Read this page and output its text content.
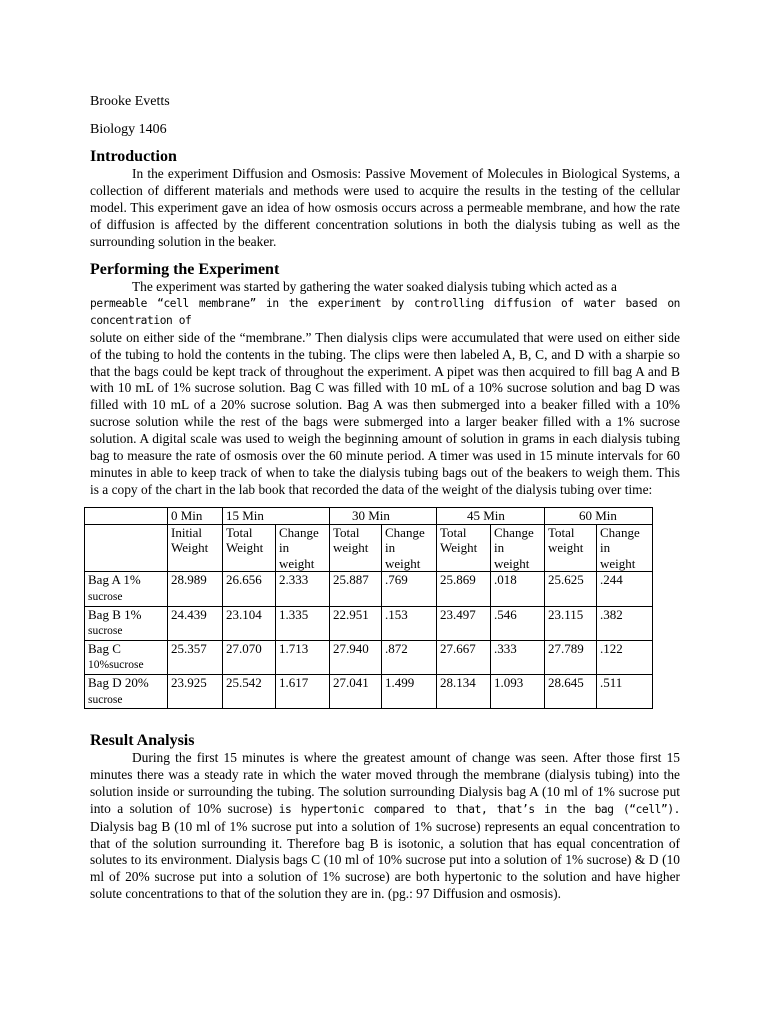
Brooke Evetts
Biology 1406
Introduction

In the experiment Diffusion and Osmosis: Passive Movement of Molecules in Biological Systems, a collection of different materials and methods were used to acquire the results in the testing of the cellular model. This experiment gave an idea of how osmosis occurs across a permeable membrane, and how the rate of diffusion is affected by the different concentration solutions in both the dialysis tubing as well as the surrounding solution in the beaker.

Performing the Experiment

The experiment was started by gathering the water soaked dialysis tubing which acted as a

permeable “cell membrane” in the experiment by controlling diffusion of water based on concentration of
solute on either side of the “membrane.” Then dialysis clips were accumulated that were used on either side of the tubing to hold the contents in the tubing. The clips were then labeled A, B, C, and D with a sharpie so that the bags could be kept track of throughout the experiment. A pipet was then acquired to fill bag A and B with 10 mL of 1% sucrose solution. Bag C was filled with 10 mL of a 10% sucrose solution and bag D was filled with 10 mL of a 20% sucrose solution. Bag A was then submerged into a beaker filled with a 10% sucrose solution while the rest of the bags were submerged into a larger beaker filled with a 1% sucrose solution. A digital scale was used to weigh the beginning amount of solution in grams in each dialysis tubing bag to measure the rate of osmosis over the 60 minute period. A timer was used in 15 minute intervals for 60 minutes in able to keep track of when to take the dialysis tubing bags out of the beakers to weigh them. This is a copy of the chart in the lab book that recorded the data of the weight of the dialysis tubing over time:
	0 Min	15 Min		30 Min		45 Min		60 Min	
	Initial
Weight	Total
Weight	Change
in
weight	Total
weight	Change
in
weight	Total
Weight	Change
in
weight	Total
weight	Change
in
weight
Bag A 1%
sucrose	28.989	26.656	2.333	25.887	.769	25.869	.018	25.625	.244
Bag B 1%
sucrose	24.439	23.104	1.335	22.951	.153	23.497	.546	23.115	.382
Bag C
10%sucrose	25.357	27.070	1.713	27.940	.872	27.667	.333	27.789	.122
Bag D 20%
sucrose	23.925	25.542	1.617	27.041	1.499	28.134	1.093	28.645	.511
Result Analysis

During the first 15 minutes is where the greatest amount of change was seen. After those first 15 minutes there was a steady rate in which the water moved through the membrane (dialysis tubing) into the solution inside or surrounding the tubing. The solution surrounding Dialysis bag A (10 ml of 1% sucrose put into a solution of 10% sucrose) is hypertonic compared to that, that’s in the bag (“cell”). Dialysis bag B (10 ml of 1% sucrose put into a solution of 1% sucrose) represents an equal concentration to that of the solution surrounding it. Therefore bag B is isotonic, a solution that has equal concentration of solutes to its environment. Dialysis bags C (10 ml of 10% sucrose put into a solution of 1% sucrose) & D (10 ml of 20% sucrose put into a solution of 1% sucrose) are both hypertonic to the solution and have higher solute concentrations to that of the solution they are in. (pg.: 97 Diffusion and osmosis).
